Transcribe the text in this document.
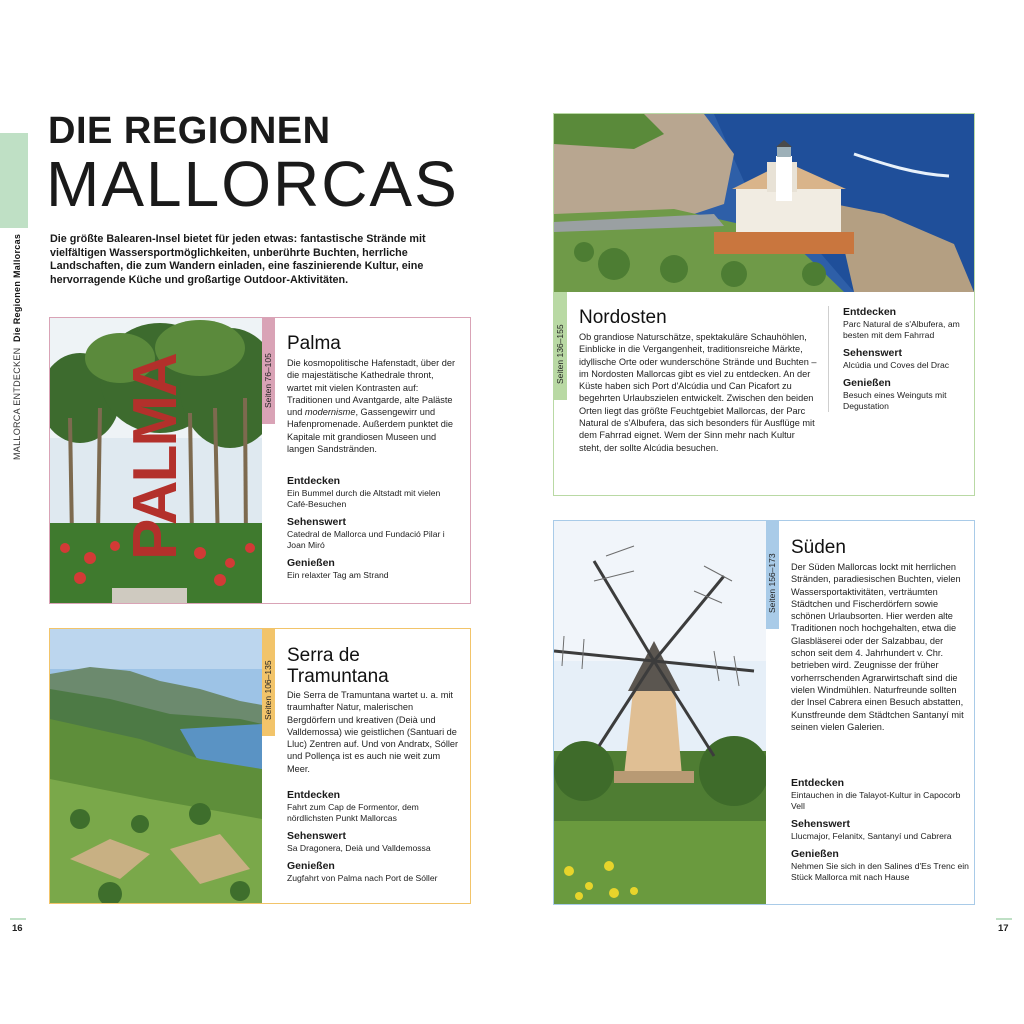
MALLORCA ENTDECKEN  Die Regionen Mallorcas
DIE REGIONEN
MALLORCAS
Die größte Balearen-Insel bietet für jeden etwas: fantastische Strände mit vielfältigen Wassersportmöglichkeiten, unberührte Buchten, herrliche Landschaften, die zum Wandern einladen, eine faszinierende Kultur, eine hervorragende Küche und großartige Outdoor-Aktivitäten.
PALMA	Seiten 76–105
Palma
Die kosmopolitische Hafenstadt, über der die majestätische Kathedrale thront, wartet mit vielen Kontrasten auf: Traditionen und Avantgarde, alte Paläste und modernisme, Gassengewirr und Hafenpromenade. Außerdem punktet die Kapitale mit grandiosen Museen und langen Sandstränden.
Entdecken
Ein Bummel durch die Altstadt mit vielen Café-Besuchen
Sehenswert
Catedral de Mallorca und Fundació Pilar i Joan Miró
Genießen
Ein relaxter Tag am Strand
Seiten 106–135
Serra de Tramuntana
Die Serra de Tramuntana wartet u. a. mit traumhafter Natur, malerischen Bergdörfern und kreativen (Deià und Valldemossa) wie geistlichen (Santuari de Lluc) Zentren auf. Und von Andratx, Sóller und Pollença ist es auch nie weit zum Meer.
Entdecken
Fahrt zum Cap de Formentor, dem nördlichsten Punkt Mallorcas
Sehenswert
Sa Dragonera, Deià und Valldemossa
Genießen
Zugfahrt von Palma nach Port de Sóller
Seiten 136–155
Nordosten
Ob grandiose Naturschätze, spektakuläre Schauhöhlen, Einblicke in die Vergangenheit, traditionsreiche Märkte, idyllische Orte oder wunderschöne Strände und Buchten – im Nordosten Mallorcas gibt es viel zu entdecken. An der Küste haben sich Port d'Alcúdia und Can Picafort zu begehrten Urlaubszielen entwickelt. Zwischen den beiden Orten liegt das größte Feuchtgebiet Mallorcas, der Parc Natural de s'Albufera, das sich besonders für Ausflüge mit dem Fahrrad eignet. Wem der Sinn mehr nach Kultur steht, der sollte Alcúdia besuchen.
Entdecken
Parc Natural de s'Albufera, am besten mit dem Fahrrad
Sehenswert
Alcúdia und Coves del Drac
Genießen
Besuch eines Weinguts mit Degustation
Seiten 156–173
Süden
Der Süden Mallorcas lockt mit herrlichen Stränden, paradiesischen Buchten, vielen Wassersportaktivitäten, verträumten Städtchen und Fischerdörfern sowie schönen Urlaubsorten. Hier werden alte Traditionen noch hochgehalten, etwa die Glasbläserei oder der Salzabbau, der schon seit dem 4. Jahrhundert v. Chr. betrieben wird. Zeugnisse der früher vorherrschenden Agrarwirtschaft sind die vielen Windmühlen. Naturfreunde sollten der Insel Cabrera einen Besuch abstatten, Kunstfreunde dem Städtchen Santanyí mit seinen vielen Galerien.
Entdecken
Eintauchen in die Talayot-Kultur in Capocorb Vell
Sehenswert
Llucmajor, Felanitx, Santanyí und Cabrera
Genießen
Nehmen Sie sich in den Salines d'Es Trenc ein Stück Mallorca mit nach Hause
16	17
